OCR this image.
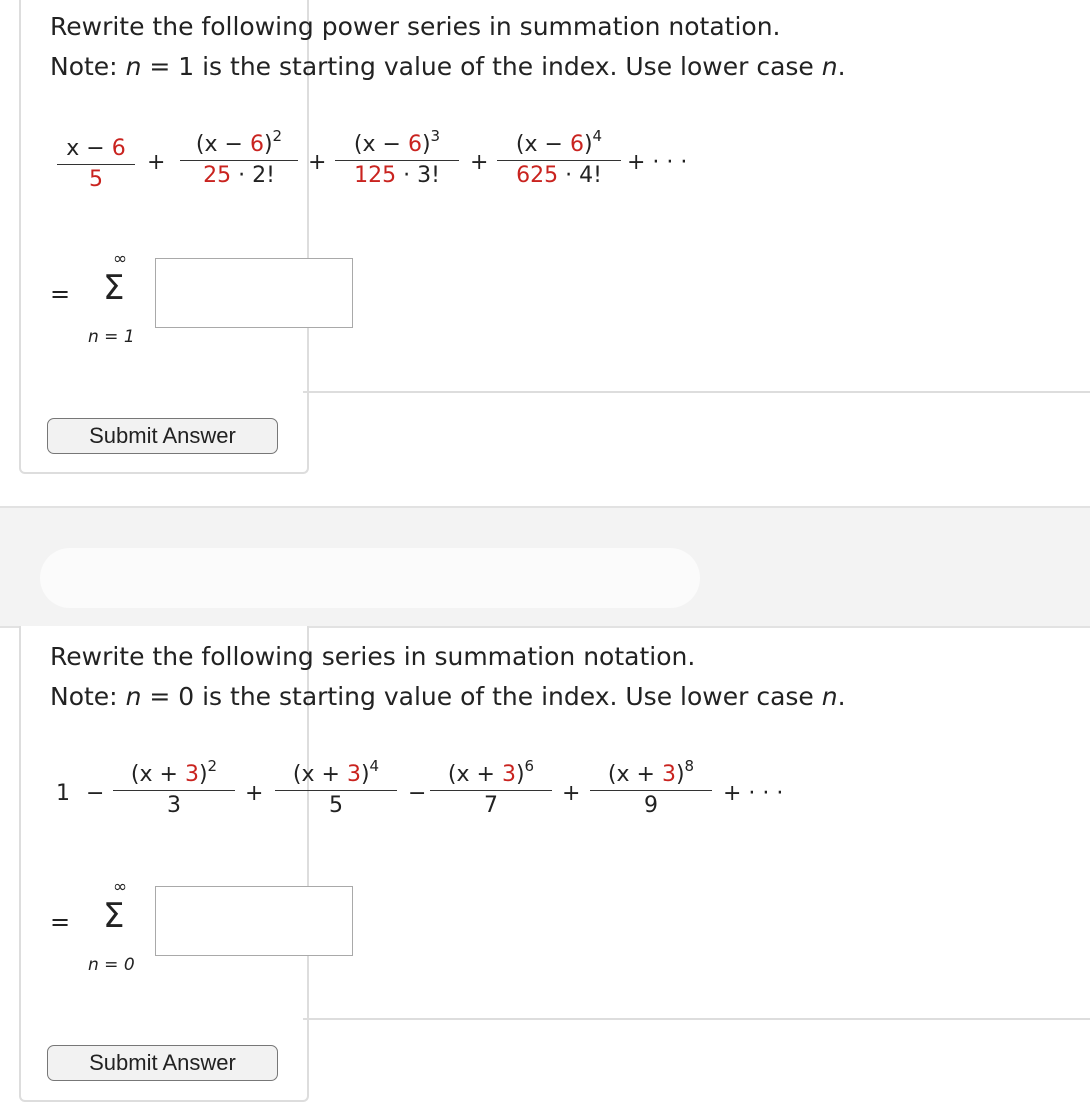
Rewrite the following power series in summation notation.
Note: n = 1 is the starting value of the index. Use lower case n.
$\frac{x - 6}{5} + \frac{(x - 6)^2}{25 \cdot 2!} + \frac{(x - 6)^3}{125 \cdot 3!} + \frac{(x - 6)^4}{625 \cdot 4!}$ + · · ·
=
∞
Σ
n = 1
Submit Answer
Rewrite the following series in summation notation.
Note: n = 0 is the starting value of the index. Use lower case n.
$1 - \frac{(x + 3)^2}{3} + \frac{(x + 3)^4}{5} - \frac{(x + 3)^6}{7} + \frac{(x + 3)^8}{9}$ + · · ·
=
∞
Σ
n = 0
Submit Answer
